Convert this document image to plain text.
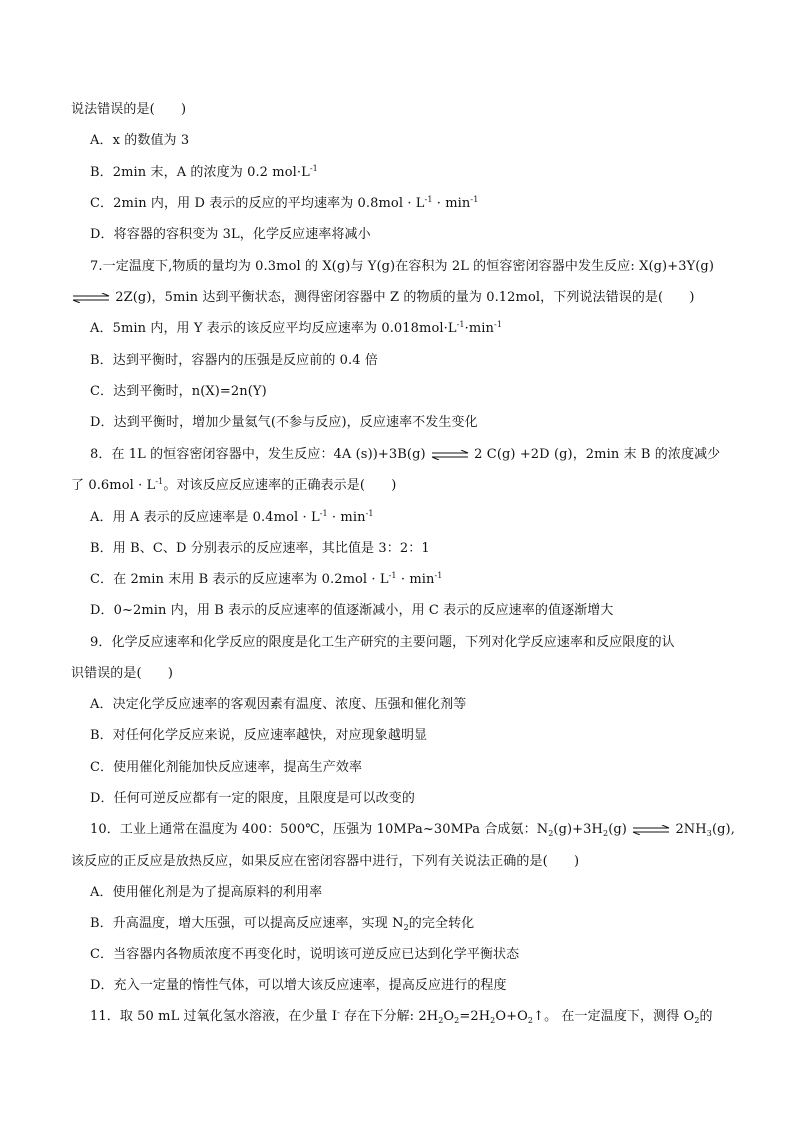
说法错误的是(　　)
A．x 的数值为 3
B．2min 末，A 的浓度为 0.2 $mol\cdot L^{-1}$
C．2min 内，用 D 表示的反应的平均速率为 $0.8mol \cdot L^{-1} \cdot \min^{-1}$
D．将容器的容积变为 3L，化学反应速率将减小
7.一定温度下,物质的量均为 0.3mol 的 X(g)与 Y(g)在容积为 2L 的恒容密闭容器中发生反应: X(g)+3Y(g)
⇌ 2Z(g)，5min 达到平衡状态，测得密闭容器中 Z 的物质的量为 0.12mol，下列说法错误的是(　　)
A．5min 内，用 Y 表示的该反应平均反应速率为 $0.018mol\cdot L^{-1}\cdot\min^{-1}$
B．达到平衡时，容器内的压强是反应前的 0.4 倍
C．达到平衡时，n(X)=2n(Y)
D．达到平衡时，增加少量氦气(不参与反应)，反应速率不发生变化
8．在 1L 的恒容密闭容器中，发生反应：4A (s))+3B(g) ⇌ 2 C(g) +2D (g)，2min 末 B 的浓度减少
了 $0.6mol \cdot L^{-1}$。对该反应反应速率的正确表示是(　　)
A．用 A 表示的反应速率是 $0.4mol \cdot L^{-1} \cdot \min^{-1}$
B．用 B、C、D 分别表示的反应速率，其比值是 3：2：1
C．在 2min 末用 B 表示的反应速率为 $0.2mol \cdot L^{-1} \cdot \min^{-1}$
D．0~2min 内，用 B 表示的反应速率的值逐渐减小，用 C 表示的反应速率的值逐渐增大
9．化学反应速率和化学反应的限度是化工生产研究的主要问题，下列对化学反应速率和反应限度的认
识错误的是(　　)
A．决定化学反应速率的客观因素有温度、浓度、压强和催化剂等
B．对任何化学反应来说，反应速率越快，对应现象越明显
C．使用催化剂能加快反应速率，提高生产效率
D．任何可逆反应都有一定的限度，且限度是可以改变的
10．工业上通常在温度为 400：500℃，压强为 10MPa~30MPa 合成氨：$N_2(g)+3H_2(g)$ ⇌ $2NH_3(g)$,
该反应的正反应是放热反应，如果反应在密闭容器中进行，下列有关说法正确的是(　　)
A．使用催化剂是为了提高原料的利用率
B．升高温度，增大压强，可以提高反应速率，实现 $N_2$的完全转化
C．当容器内各物质浓度不再变化时，说明该可逆反应已达到化学平衡状态
D．充入一定量的惰性气体，可以增大该反应速率，提高反应进行的程度
11．取 50 mL 过氧化氢水溶液，在少量 I- 存在下分解: $2H_2O_2=2H_2O+O_2↑$。 在一定温度下，测得 $O_2$的
